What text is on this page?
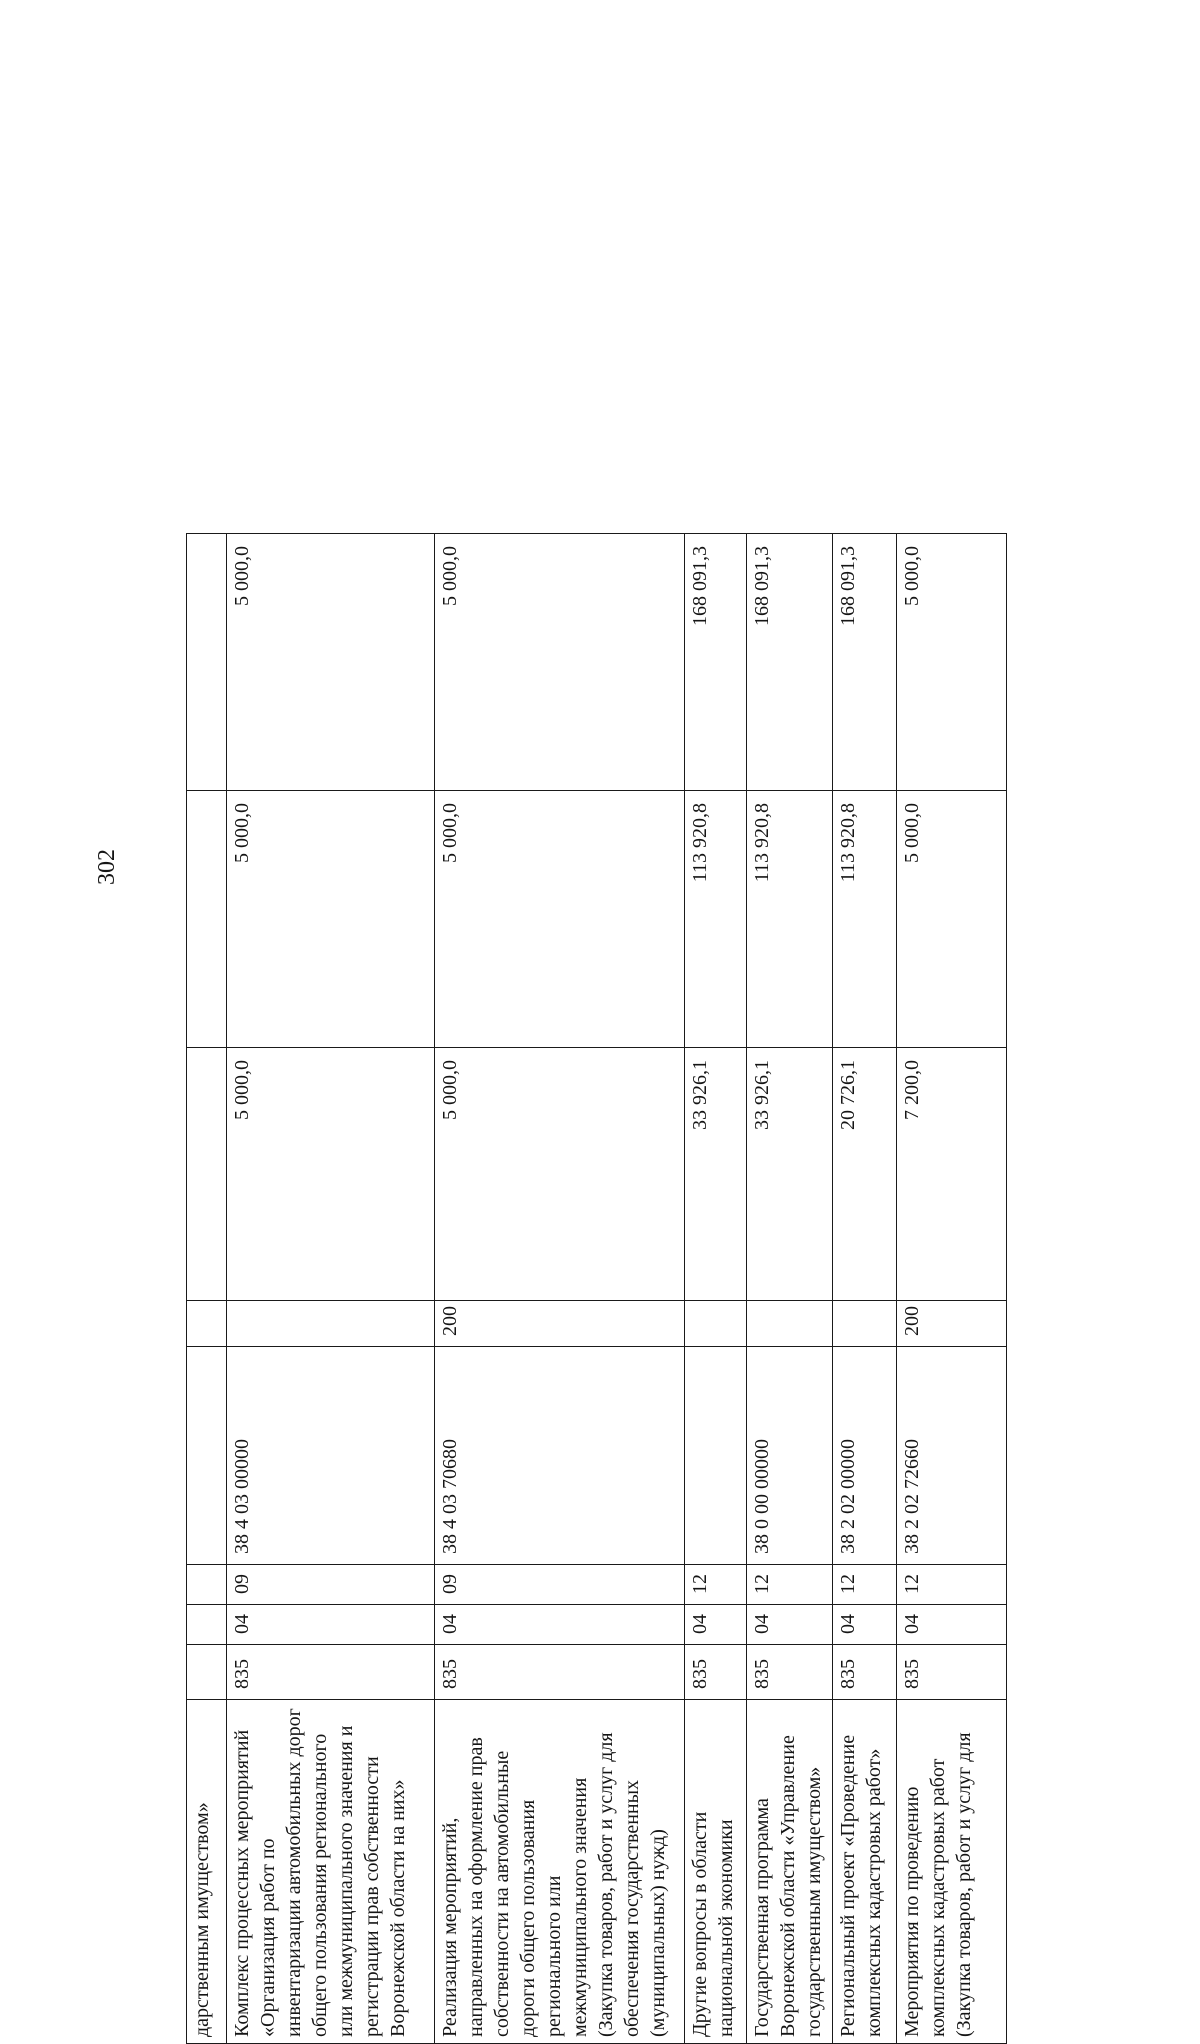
302
дарственным имуществом»								
Комплекс процессных мероприятий «Организация работ по инвентаризации автомобильных дорог общего пользования регионального или межмуниципального значения и регистрации прав собственности Воронежской области на них»	835	04	09	38 4 03 00000		5 000,0	5 000,0	5 000,0
Реализация мероприятий, направленных на оформление прав собственности на автомобильные дороги общего пользования регионального или межмуниципального значения (Закупка товаров, работ и услуг для обеспечения государственных (муниципальных) нужд)	835	04	09	38 4 03 70680	200	5 000,0	5 000,0	5 000,0
Другие вопросы в области национальной экономики	835	04	12			33 926,1	113 920,8	168 091,3
Государственная программа Воронежской области «Управление государственным имуществом»	835	04	12	38 0 00 00000		33 926,1	113 920,8	168 091,3
Региональный проект «Проведение комплексных кадастровых работ»	835	04	12	38 2 02 00000		20 726,1	113 920,8	168 091,3
Мероприятия по проведению комплексных кадастровых работ (Закупка товаров, работ и услуг для	835	04	12	38 2 02 72660	200	7 200,0	5 000,0	5 000,0
